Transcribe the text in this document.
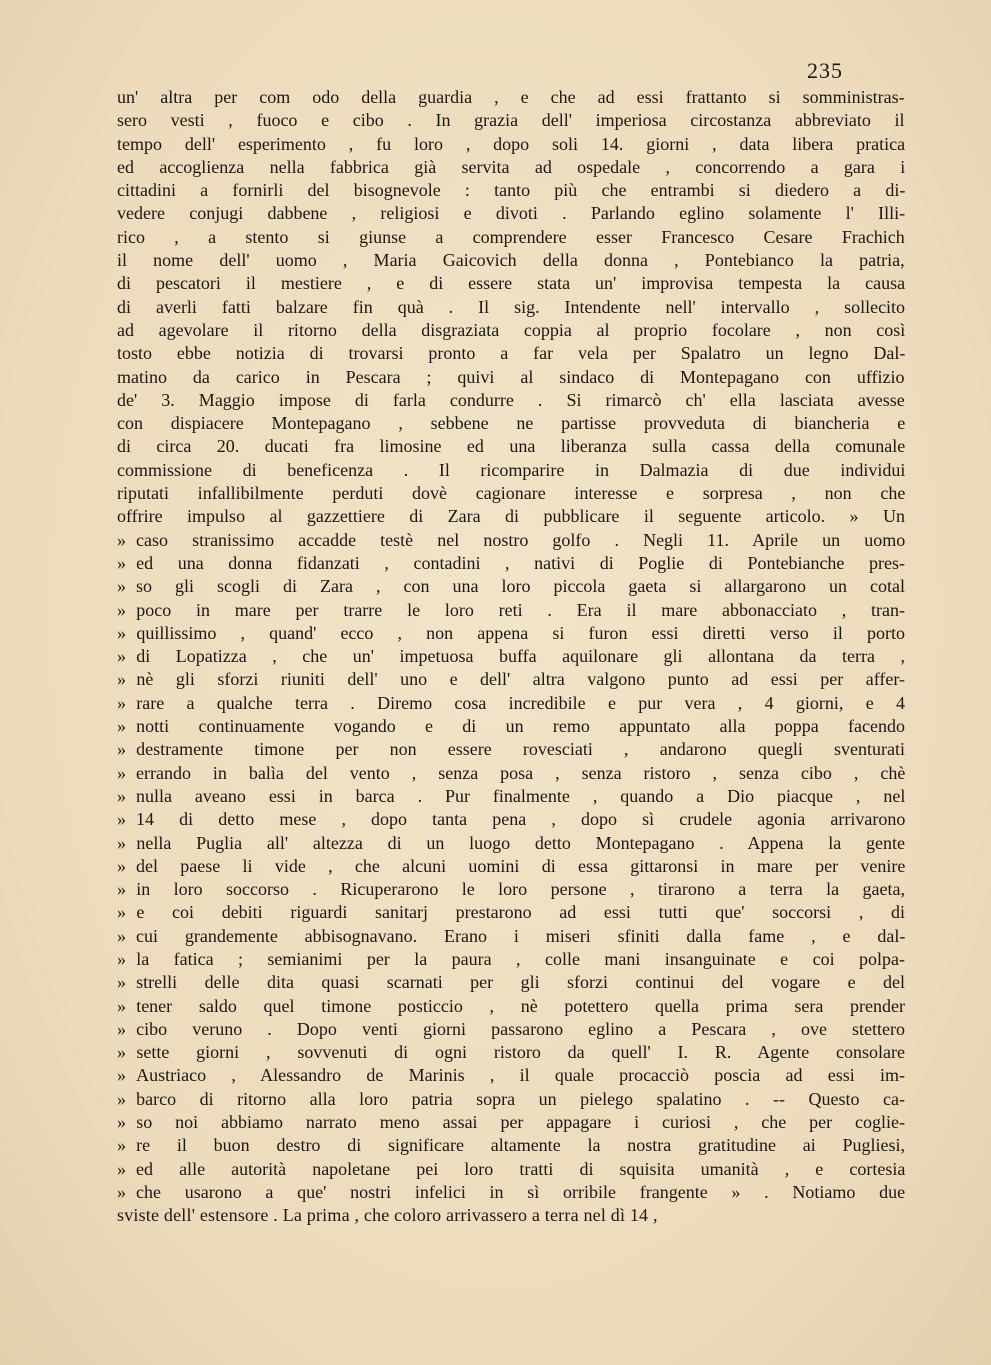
235
un' altra per com odo della guardia , e che ad essi frattanto si somministras-
sero vesti , fuoco e cibo . In grazia dell' imperiosa circostanza abbreviato il
tempo dell' esperimento , fu loro , dopo soli 14. giorni , data libera pratica
ed accoglienza nella fabbrica già servita ad ospedale , concorrendo a gara i
cittadini a fornirli del bisognevole : tanto più che entrambi si diedero a di-
vedere conjugi dabbene , religiosi e divoti . Parlando eglino solamente l' Illi-
rico , a stento si giunse a comprendere esser Francesco Cesare Frachich
il nome dell' uomo , Maria Gaicovich della donna , Pontebianco la patria,
di pescatori il mestiere , e di essere stata un' improvisa tempesta la causa
di averli fatti balzare fin quà . Il sig. Intendente nell' intervallo , sollecito
ad agevolare il ritorno della disgraziata coppia al proprio focolare , non così
tosto ebbe notizia di trovarsi pronto a far vela per Spalatro un legno Dal-
matino da carico in Pescara ; quivi al sindaco di Montepagano con uffizio
de' 3. Maggio impose di farla condurre . Si rimarcò ch' ella lasciata avesse
con dispiacere Montepagano , sebbene ne partisse provveduta di biancheria e
di circa 20. ducati fra limosine ed una liberanza sulla cassa della comunale
commissione di beneficenza . Il ricomparire in Dalmazia di due individui
riputati infallibilmente perduti dovè cagionare interesse e sorpresa , non che
offrire impulso al gazzettiere di Zara di pubblicare il seguente articolo. » Un
» caso stranissimo accadde testè nel nostro golfo . Negli 11. Aprile un uomo
» ed una donna fidanzati , contadini , nativi di Poglie di Pontebianche pres-
» so gli scogli di Zara , con una loro piccola gaeta si allargarono un cotal
» poco in mare per trarre le loro reti . Era il mare abbonacciato , tran-
» quillissimo , quand' ecco , non appena si furon essi diretti verso il porto
» di Lopatizza , che un' impetuosa buffa aquilonare gli allontana da terra ,
» nè gli sforzi riuniti dell' uno e dell' altra valgono punto ad essi per affer-
» rare a qualche terra . Diremo cosa incredibile e pur vera , 4 giorni, e 4
» notti continuamente vogando e di un remo appuntato alla poppa facendo
» destramente timone per non essere rovesciati , andarono quegli sventurati
» errando in balìa del vento , senza posa , senza ristoro , senza cibo , chè
» nulla aveano essi in barca . Pur finalmente , quando a Dio piacque , nel
» 14 di detto mese , dopo tanta pena , dopo sì crudele agonia arrivarono
» nella Puglia all' altezza di un luogo detto Montepagano . Appena la gente
» del paese li vide , che alcuni uomini di essa gittaronsi in mare per venire
» in loro soccorso . Ricuperarono le loro persone , tirarono a terra la gaeta,
» e coi debiti riguardi sanitarj prestarono ad essi tutti que' soccorsi , di
» cui grandemente abbisognavano. Erano i miseri sfiniti dalla fame , e dal-
» la fatica ; semianimi per la paura , colle mani insanguinate e coi polpa-
» strelli delle dita quasi scarnati per gli sforzi continui del vogare e del
» tener saldo quel timone posticcio , nè potettero quella prima sera prender
» cibo veruno . Dopo venti giorni passarono eglino a Pescara , ove stettero
» sette giorni , sovvenuti di ogni ristoro da quell' I. R. Agente consolare
» Austriaco , Alessandro de Marinis , il quale procacciò poscia ad essi im-
» barco di ritorno alla loro patria sopra un pielego spalatino . -- Questo ca-
» so noi abbiamo narrato meno assai per appagare i curiosi , che per coglie-
» re il buon destro di significare altamente la nostra gratitudine ai Pugliesi,
» ed alle autorità napoletane pei loro tratti di squisita umanità , e cortesia
» che usarono a que' nostri infelici in sì orribile frangente » . Notiamo due
sviste dell' estensore . La prima , che coloro arrivassero a terra nel dì 14 ,
